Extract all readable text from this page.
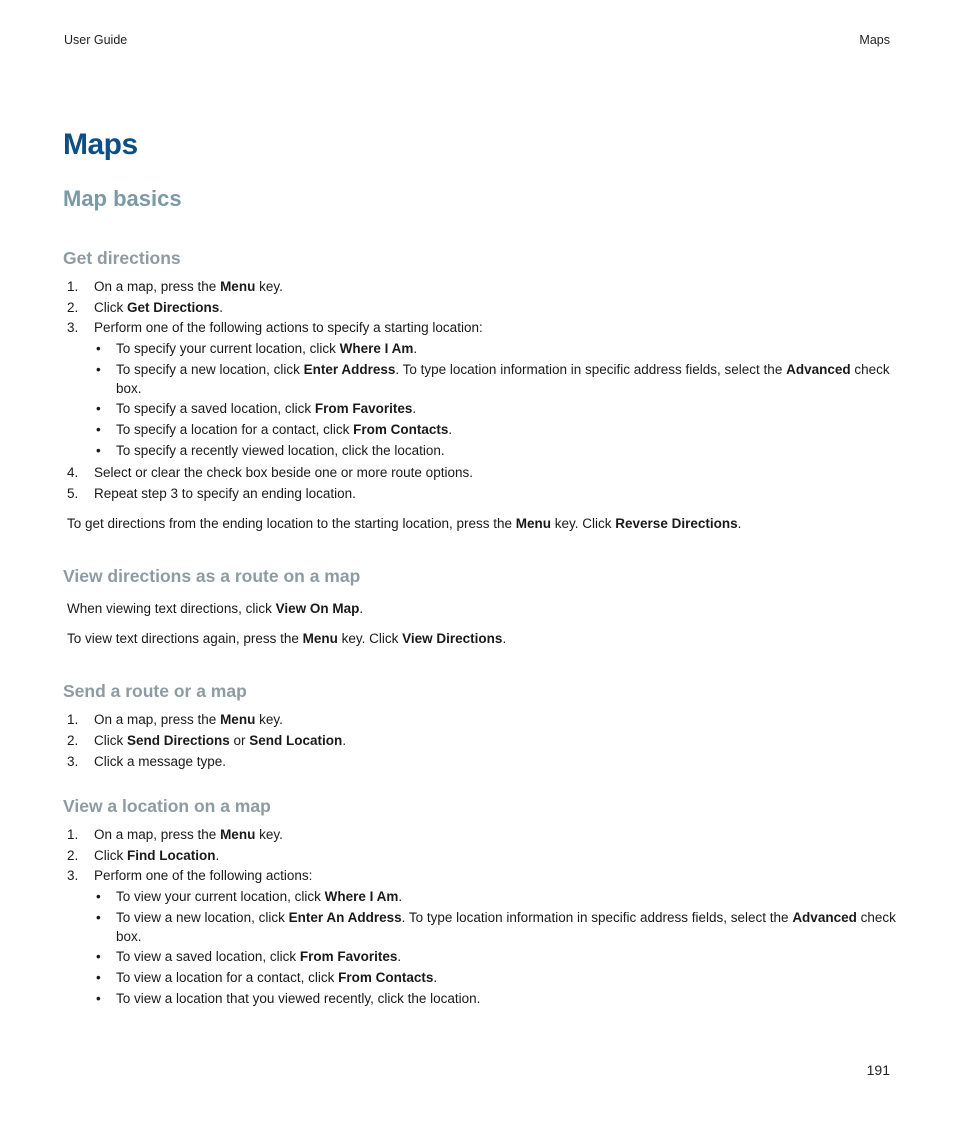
User Guide	Maps
Maps
Map basics
Get directions
1. On a map, press the Menu key.
2. Click Get Directions.
3. Perform one of the following actions to specify a starting location:
• To specify your current location, click Where I Am.
• To specify a new location, click Enter Address. To type location information in specific address fields, select the Advanced check
box.
• To specify a saved location, click From Favorites.
• To specify a location for a contact, click From Contacts.
• To specify a recently viewed location, click the location.
4. Select or clear the check box beside one or more route options.
5. Repeat step 3 to specify an ending location.
To get directions from the ending location to the starting location, press the Menu key. Click Reverse Directions.
View directions as a route on a map
When viewing text directions, click View On Map.
To view text directions again, press the Menu key. Click View Directions.
Send a route or a map
1. On a map, press the Menu key.
2. Click Send Directions or Send Location.
3. Click a message type.
View a location on a map
1. On a map, press the Menu key.
2. Click Find Location.
3. Perform one of the following actions:
• To view your current location, click Where I Am.
• To view a new location, click Enter An Address. To type location information in specific address fields, select the Advanced check
box.
• To view a saved location, click From Favorites.
• To view a location for a contact, click From Contacts.
• To view a location that you viewed recently, click the location.
191
